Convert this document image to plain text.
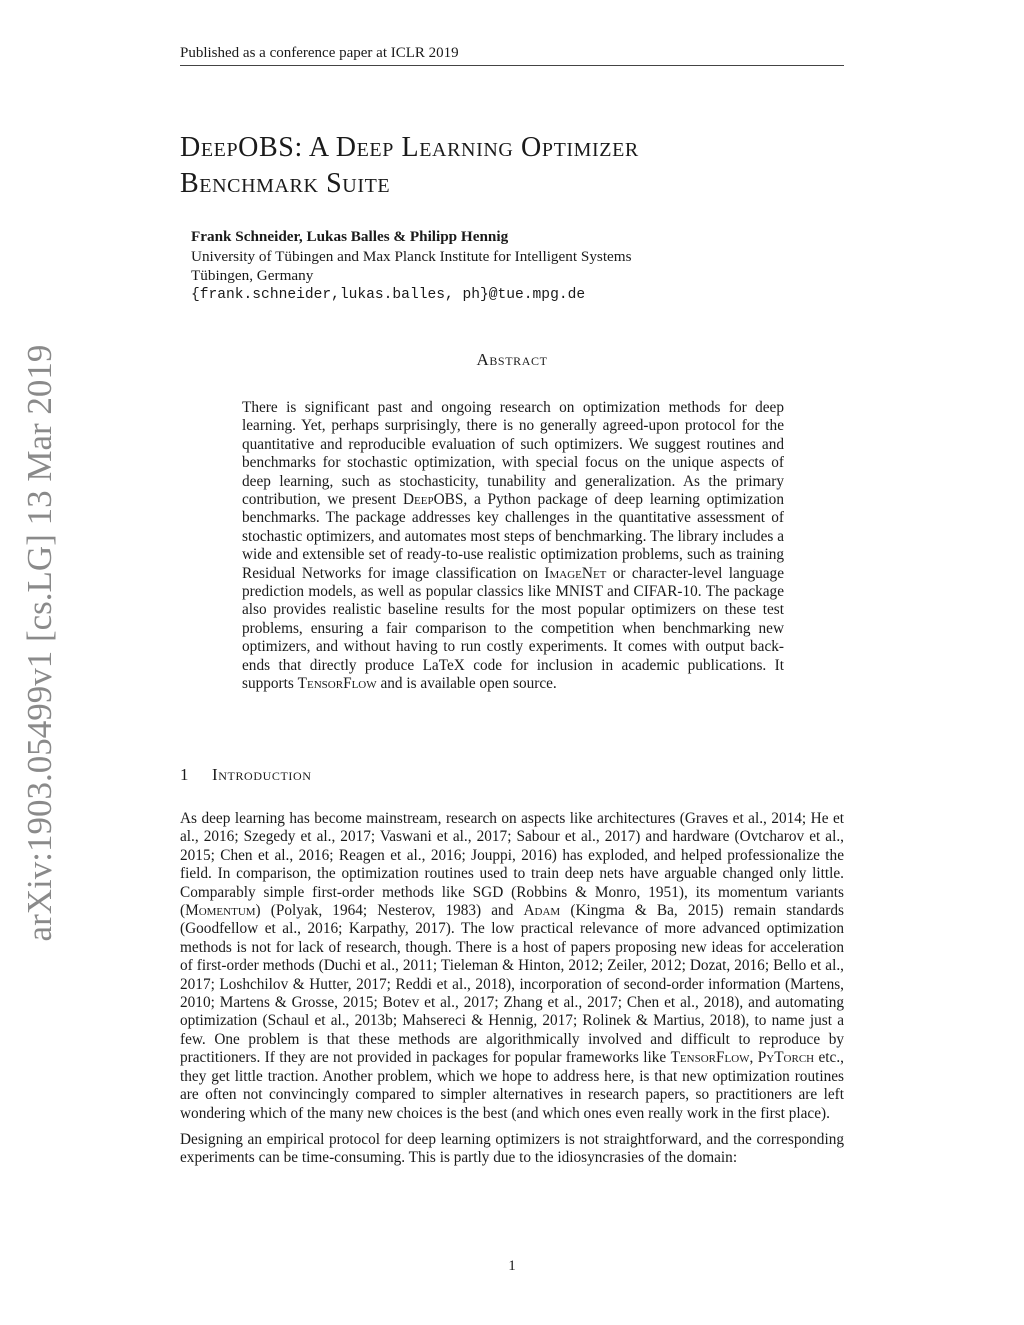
Published as a conference paper at ICLR 2019
arXiv:1903.05499v1 [cs.LG] 13 Mar 2019
DeepOBS: A Deep Learning Optimizer
Benchmark Suite
Frank Schneider, Lukas Balles & Philipp Hennig
University of Tübingen and Max Planck Institute for Intelligent Systems
Tübingen, Germany
{frank.schneider,lukas.balles, ph}@tue.mpg.de
Abstract
There is significant past and ongoing research on optimization methods for deep learning. Yet, perhaps surprisingly, there is no generally agreed-upon protocol for the quantitative and reproducible evaluation of such optimizers. We suggest routines and benchmarks for stochastic optimization, with special focus on the unique aspects of deep learning, such as stochasticity, tunability and generalization. As the primary contribution, we present DeepOBS, a Python package of deep learning optimization benchmarks. The package addresses key challenges in the quantitative assessment of stochastic optimizers, and automates most steps of benchmarking. The library includes a wide and extensible set of ready-to-use realistic optimization problems, such as training Residual Networks for image classification on ImageNet or character-level language prediction models, as well as popular classics like MNIST and CIFAR-10. The package also provides realistic baseline results for the most popular optimizers on these test problems, ensuring a fair comparison to the competition when benchmarking new optimizers, and without having to run costly experiments. It comes with output back-ends that directly produce LaTeX code for inclusion in academic publications. It supports TensorFlow and is available open source.
1 Introduction

As deep learning has become mainstream, research on aspects like architectures (Graves et al., 2014; He et al., 2016; Szegedy et al., 2017; Vaswani et al., 2017; Sabour et al., 2017) and hardware (Ovtcharov et al., 2015; Chen et al., 2016; Reagen et al., 2016; Jouppi, 2016) has exploded, and helped professionalize the field. In comparison, the optimization routines used to train deep nets have arguable changed only little. Comparably simple first-order methods like SGD (Robbins & Monro, 1951), its momentum variants (Momentum) (Polyak, 1964; Nesterov, 1983) and Adam (Kingma & Ba, 2015) remain standards (Goodfellow et al., 2016; Karpathy, 2017). The low practical relevance of more advanced optimization methods is not for lack of research, though. There is a host of papers proposing new ideas for acceleration of first-order methods (Duchi et al., 2011; Tieleman & Hinton, 2012; Zeiler, 2012; Dozat, 2016; Bello et al., 2017; Loshchilov & Hutter, 2017; Reddi et al., 2018), incorporation of second-order information (Martens, 2010; Martens & Grosse, 2015; Botev et al., 2017; Zhang et al., 2017; Chen et al., 2018), and automating optimization (Schaul et al., 2013b; Mahsereci & Hennig, 2017; Rolinek & Martius, 2018), to name just a few. One problem is that these methods are algorithmically involved and difficult to reproduce by practitioners. If they are not provided in packages for popular frameworks like TensorFlow, PyTorch etc., they get little traction. Another problem, which we hope to address here, is that new optimization routines are often not convincingly compared to simpler alternatives in research papers, so practitioners are left wondering which of the many new choices is the best (and which ones even really work in the first place).

Designing an empirical protocol for deep learning optimizers is not straightforward, and the corresponding experiments can be time-consuming. This is partly due to the idiosyncrasies of the domain:

1
